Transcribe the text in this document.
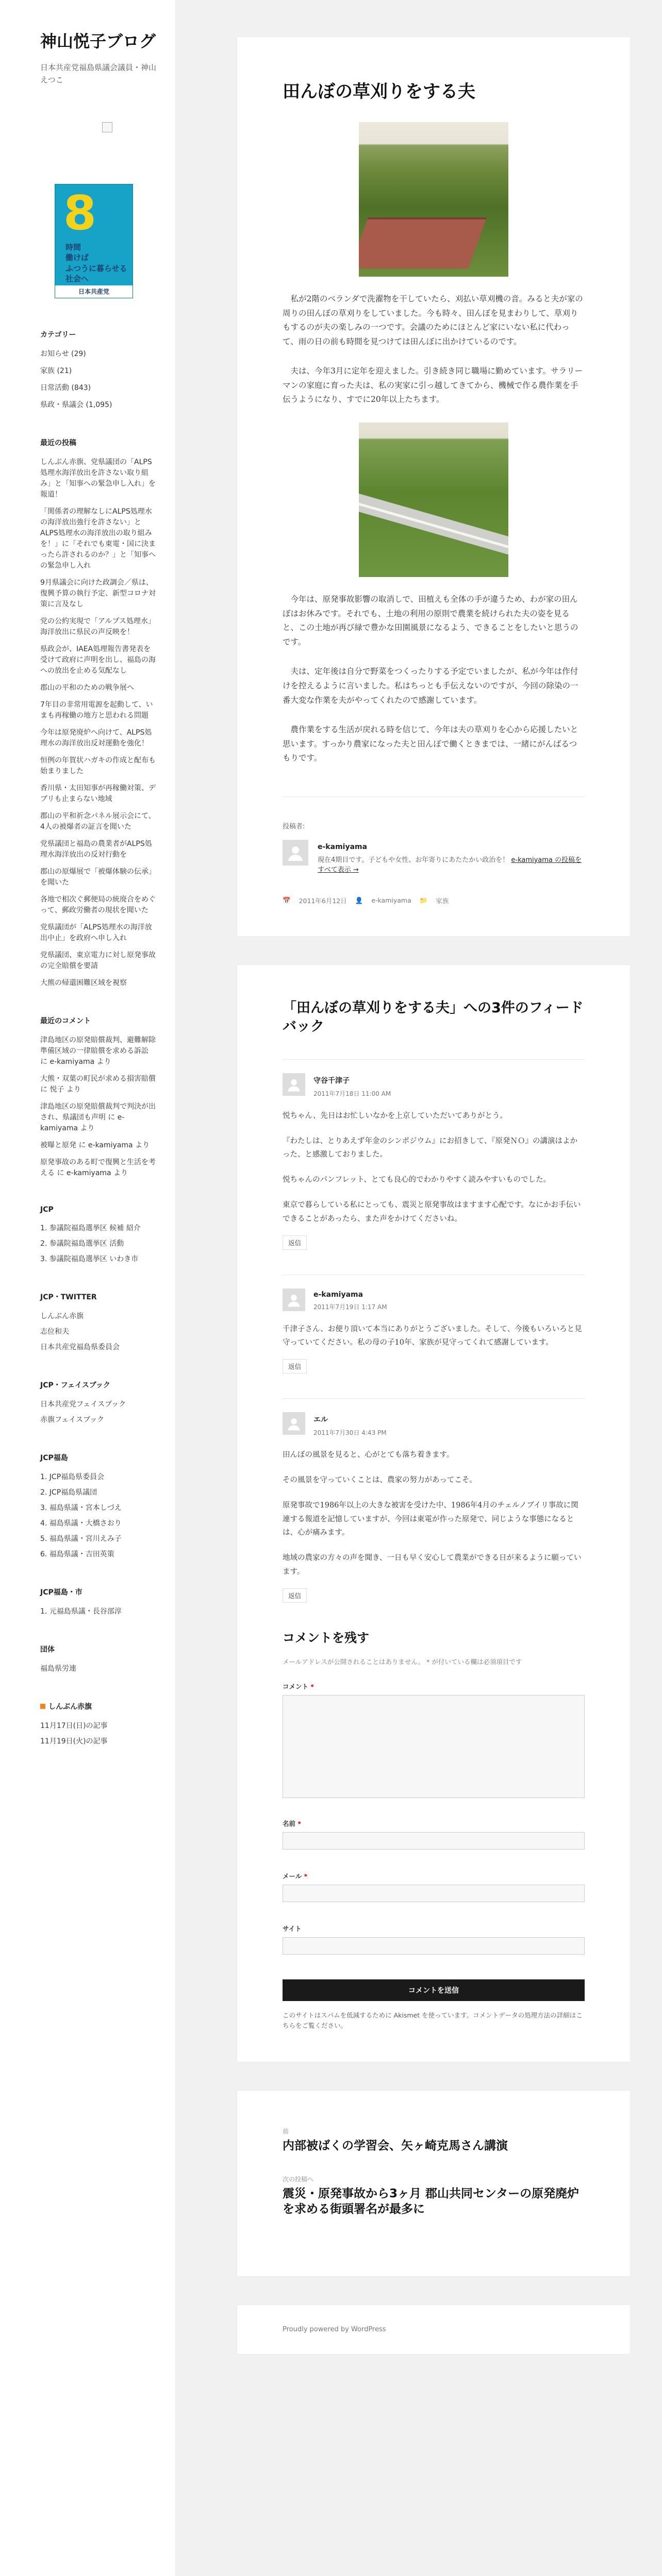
神山悦子ブログ
日本共産党福島県議会議員・神山えつこ
8
時間
働けば
ふつうに暮らせる
社会へ
日本共産党
カテゴリー
お知らせ (29)
家族 (21)
日常活動 (843)
県政・県議会 (1,095)
最近の投稿
しんぶん赤旗、党県議団の「ALPS処理水海洋放出を許さない取り組み」と「知事への緊急申し入れ」を報道！
「関係者の理解なしにALPS処理水の海洋放出強行を許さない」とALPS処理水の海洋放出の取り組みを！」に「それでも東電・国に決まったら許されるのか？」と「知事への緊急申し入れ
9月県議会に向けた政調会／県は、復興予算の執行予定、新型コロナ対策に言及なし
党の公約実現で「アルプス処理水」海洋放出に県民の声反映を！
県政会が、IAEA処理報告書発表を受けて政府に声明を出し、福島の海への放出を止める気配なし
郡山の平和のための戦争展へ
7年目の非常用電源を起動して、いまも再稼働の地方と思われる問題
今年は原発廃炉へ向けて、ALPS処理水の海洋放出反対運動を強化！
恒例の年賀状ハガキの作成と配布も始まりました
香川県・太田知事が再稼働対策、デブリも止まらない地域
郡山の平和祈念パネル展示会にて、4人の被爆者の証言を聞いた
党県議団と福島の農業者がALPS処理水海洋放出の反対行動を
郡山の原爆展で「被爆体験の伝承」を聞いた
各地で相次ぐ郵便局の統廃合をめぐって、郵政労働者の現状を聞いた
党県議団が「ALPS処理水の海洋放出中止」を政府へ申し入れ
党県議団、東京電力に対し原発事故の完全賠償を要請
大熊の帰還困難区域を視察
最近のコメント
津島地区の原発賠償裁判、避難解除準備区域の一律賠償を求める訴訟 に e-kamiyama より
大熊・双葉の町民が求める損害賠償 に 悦子 より
津島地区の原発賠償裁判で判決が出され、県議団も声明 に e-kamiyama より
被曝と原発 に e-kamiyama より
原発事故のある町で復興と生活を考える に e-kamiyama より
JCP
1. 参議院福島選挙区 候補 紹介
2. 参議院福島選挙区 活動
3. 参議院福島選挙区 いわき市
JCP・TWITTER
しんぶん赤旗
志位和夫
日本共産党福島県委員会
JCP・フェイスブック
日本共産党フェイスブック
赤旗フェイスブック
JCP福島
1. JCP福島県委員会
2. JCP福島県議団
3. 福島県議・宮本しづえ
4. 福島県議・大橋さおり
5. 福島県議・宮川えみ子
6. 福島県議・吉田英策
JCP福島・市
1. 元福島県議・長谷部淳
団体
福島県労連
しんぶん赤旗
11月17日(日)の記事
11月19日(火)の記事
田んぼの草刈りをする夫

私が2階のベランダで洗濯物を干していたら、刈払い草刈機の音。みると夫が家の周りの田んぼの草刈りをしていました。今も時々、田んぼを見まわりして、草刈りもするのが夫の楽しみの一つです。会議のためにほとんど家にいない私に代わって、雨の日の前も時間を見つけては田んぼに出かけているのです。

夫は、今年3月に定年を迎えました。引き続き同じ職場に勤めています。サラリーマンの家庭に育った夫は、私の実家に引っ越してきてから、機械で作る農作業を手伝うようになり、すでに20年以上たちます。

今年は、原発事故影響の取消しで、田植えも全体の手が違うため、わが家の田んぼはお休みです。それでも、土地の利用の原則で農業を続けられた夫の姿を見ると、この土地が再び緑で豊かな田園風景になるよう、できることをしたいと思うのです。

夫は、定年後は自分で野菜をつくったりする予定でいましたが、私が今年は作付けを控えるように言いました。私はちっとも手伝えないのですが、今回の除染の一番大変な作業を夫がやってくれたので感謝しています。

農作業をする生活が戻れる時を信じて、今年は夫の草刈りを心から応援したいと思います。すっかり農家になった夫と田んぼで働くときまでは、一緒にがんばるつもりです。

投稿者:
e-kamiyama
現在4期目です。子どもや女性、お年寄りにあたたかい政治を！ e-kamiyama の投稿をすべて表示 →
📅 2011年6月12日 👤 e-kamiyama 📁 家族
「田んぼの草刈りをする夫」への3件のフィードバック
守谷千津子
2011年7月18日 11:00 AM

悦ちゃん、先日はお忙しいなかを上京していただいてありがとう。

『わたしは、とりあえず年金のシンポジウム』にお招きして、『原発ＮＯ』の講演はよかった、と感激しておりました。

悦ちゃんのパンフレット、とても良心的でわかりやすく読みやすいものでした。

東京で暮らしている私にとっても、震災と原発事故はますます心配です。なにかお手伝いできることがあったら、また声をかけてくださいね。

返信
e-kamiyama
2011年7月19日 1:17 AM

千津子さん、お便り頂いて本当にありがとうございました。そして、今後もいろいろと見守っていてください。私の母の子10年、家族が見守ってくれて感謝しています。

返信
エル
2011年7月30日 4:43 PM

田んぼの風景を見ると、心がとても落ち着きます。

その風景を守っていくことは、農家の努力があってこそ。

原発事故で1986年以上の大きな被害を受けた中、1986年4月のチェルノブイリ事故に関連する報道を記憶していますが、今回は東電が作った原発で、同じような事態になるとは、心が痛みます。

地域の農家の方々の声を聞き、一日も早く安心して農業ができる日が来るように願っています。

返信
コメントを残す
メールアドレスが公開されることはありません。 * が付いている欄は必須項目です
コメント *
名前 *
メール *
サイト
コメントを送信
このサイトはスパムを低減するために Akismet を使っています。コメントデータの処理方法の詳細はこちらをご覧ください。
前
内部被ばくの学習会、矢ヶ崎克馬さん講演
次の投稿へ
震災・原発事故から3ヶ月 郡山共同センターの原発廃炉を求める街頭署名が最多に
Proudly powered by WordPress
